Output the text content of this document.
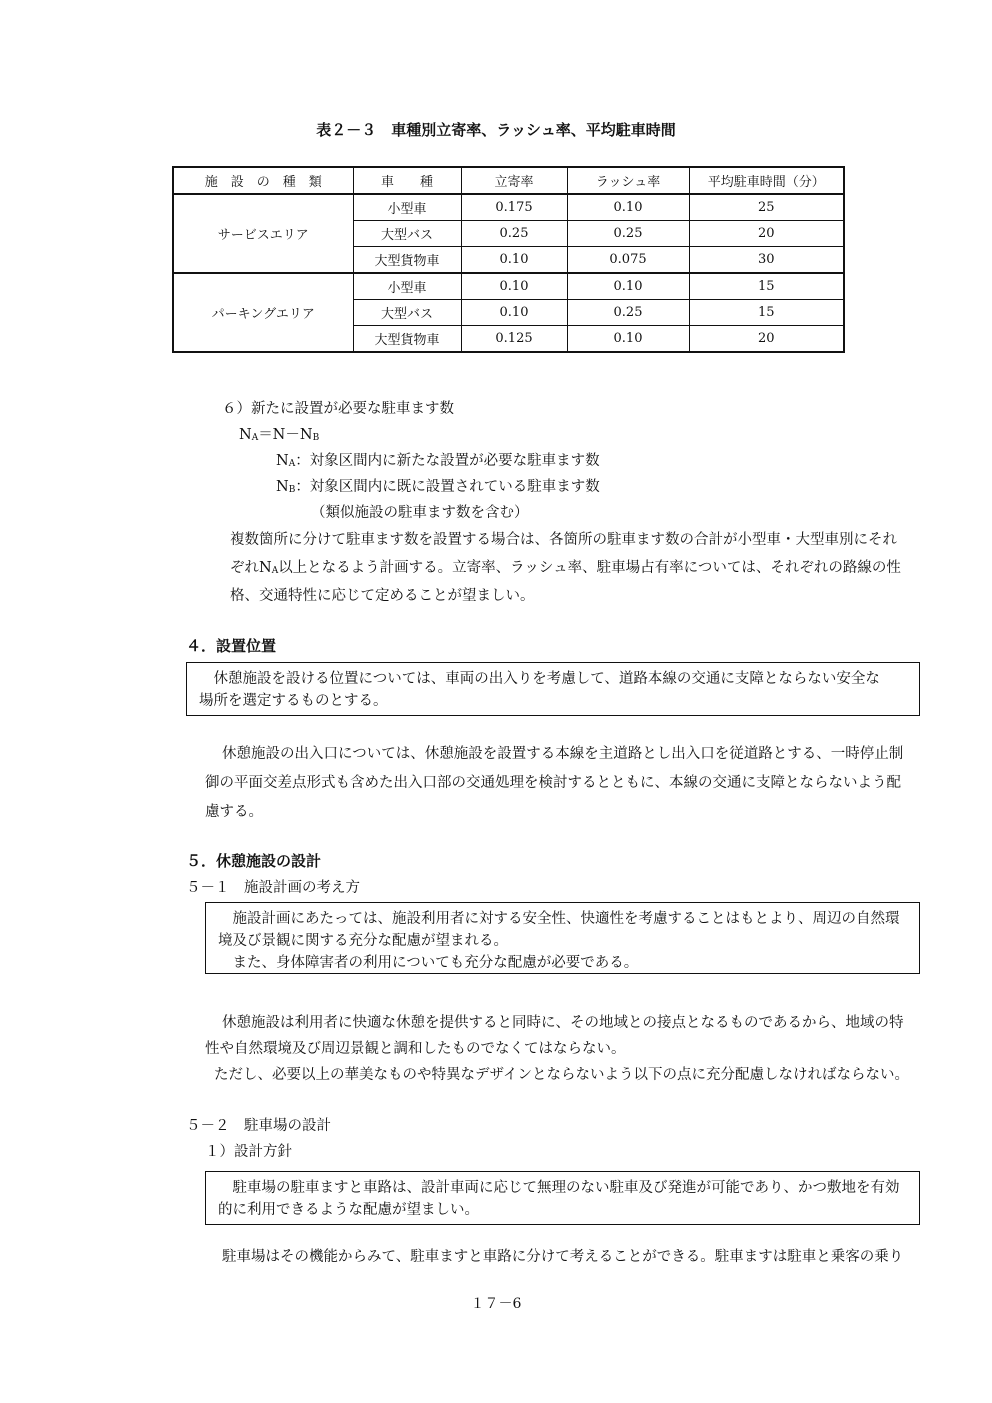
表２－３　車種別立寄率、ラッシュ率、平均駐車時間
施　設　の　種　類	車　　種	立寄率	ラッシュ率	平均駐車時間（分）
サービスエリア	小型車	0.175	0.10	25
	大型バス	0.25	0.25	20
	大型貨物車	0.10	0.075	30
パーキングエリア	小型車	0.10	0.10	15
	大型バス	0.10	0.25	15
	大型貨物車	0.125	0.10	20
６）新たに設置が必要な駐車ます数
$N_A=N-N_B$
$N_A$：対象区間内に新たな設置が必要な駐車ます数
$N_B$：対象区間内に既に設置されている駐車ます数
（類似施設の駐車ます数を含む）
複数箇所に分けて駐車ます数を設置する場合は、各箇所の駐車ます数の合計が小型車・大型車別にそれ
ぞれ$N_A$以上となるよう計画する。立寄率、ラッシュ率、駐車場占有率については、それぞれの路線の性
格、交通特性に応じて定めることが望ましい。
４．設置位置

休憩施設を設ける位置については、車両の出入りを考慮して、道路本線の交通に支障とならない安全な

場所を選定するものとする。

休憩施設の出入口については、休憩施設を設置する本線を主道路とし出入口を従道路とする、一時停止制
御の平面交差点形式も含めた出入口部の交通処理を検討するとともに、本線の交通に支障とならないよう配
慮する。
５．休憩施設の設計
５－１　施設計画の考え方

施設計画にあたっては、施設利用者に対する安全性、快適性を考慮することはもとより、周辺の自然環

境及び景観に関する充分な配慮が望まれる。

また、身体障害者の利用についても充分な配慮が必要である。

休憩施設は利用者に快適な休憩を提供すると同時に、その地域との接点となるものであるから、地域の特
性や自然環境及び周辺景観と調和したものでなくてはならない。
ただし、必要以上の華美なものや特異なデザインとならないよう以下の点に充分配慮しなければならない。
５－２　駐車場の設計
１）設計方針

駐車場の駐車ますと車路は、設計車両に応じて無理のない駐車及び発進が可能であり、かつ敷地を有効

的に利用できるような配慮が望ましい。

駐車場はその機能からみて、駐車ますと車路に分けて考えることができる。駐車ますは駐車と乗客の乗り
１７－6
